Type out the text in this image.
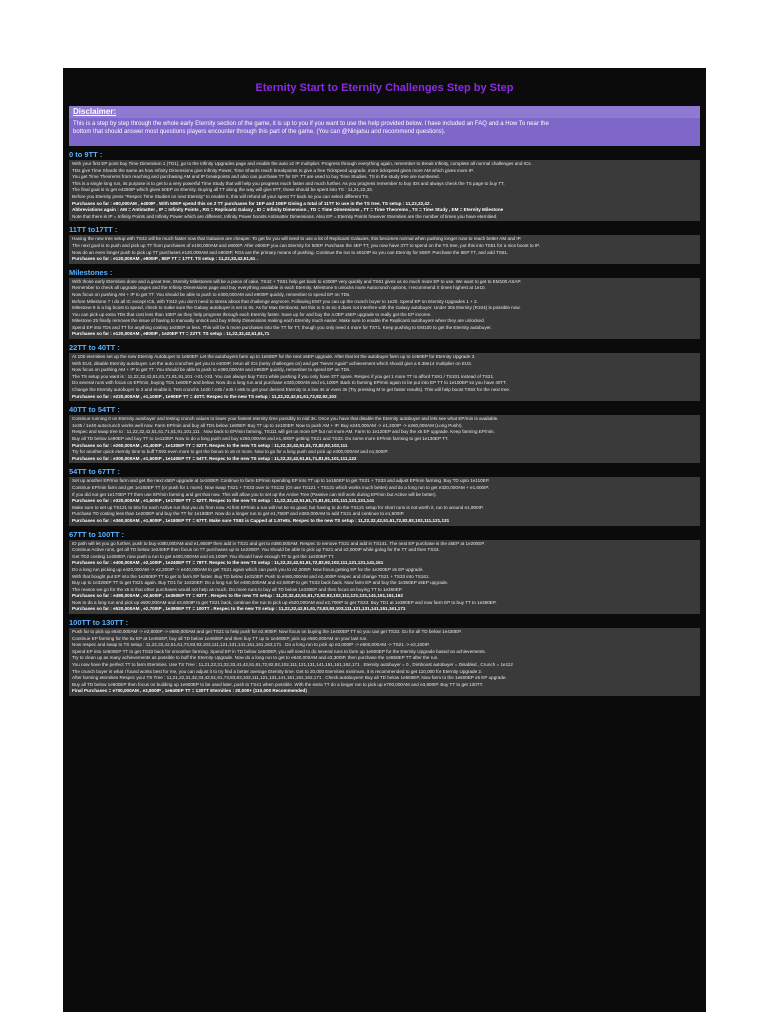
Eternity Start to Eternity Challenges Step by Step
Disclaimer:
This is a step by step through the whole early Eternity section of the game, it is up to you if you want to use the help provided below. I have included an FAQ and a How To near the
bottom that should answer most questions players encounter through this part of the game. (You can @Ninjatsu and recommend questions).
0 to 9TT :
With your first EP point buy Time Dimension 1 (TD1), go to the Infinity Upgrades page and enable the auto x2 IP multiplier. Progress through everything again, remember to Break Infinity, complete all normal challenges and ICs.
TDs give Time Shards the same as how Infinity Dimensions give Infinity Power, Time Shards reach breakpoints to give a free Tickspeed upgrade, more tickspeed gives more AM which gives more IP.
You get Time Theorems from reaching and purchasing AM and IP breakpoints and also can purchase TT for EP. TT are used to buy Time Studies. TS in the study tree are numbered.
This is a single long run, its purpose is to get to a very powerful Time Study that will help you progress much faster and much further. As you progress remember to buy IDs and always check the TS page to buy TT.
The final goal is to get e4250IP which gives 50EP on Eternity. Buying all TT along the way will give 9TT, these should be spent into TS : 11,21,22,33.
Before you Eternity press "Respec Time Studies on next Eternity" to enable it, this will refund all your spent TT back so you can select different TS.
Purchases so far : e80,000AM , e400IP . With 50EP spend this on 2 TT purchases for 1EP and 10EP Giving a total of 11TT to use in the TS tree. TS setup : 11,22,32,42 .
Abbreviations again : AM = Antimatter , IP = Infinity Points , RG = Replicanti Galaxy , ID = Infinity Dimension , TD = Time Dimensions , TT = Time Theorems , TS = Time Study , EM = Eternity Milestone
Note that there is IP = Infinity Points and Infinity Power which are different, Infinity Power boosts Antimatter Dimensions. Also EP = Eternity Points however Eternities are the number of times you have eternitied.
11TT to17TT :
Having the new tree setup with TS42 will be much faster now that Galaxies are cheaper. To get far you will need to use a lot of Replicanti Galaxies, this becomes normal when pushing longer runs to reach better AM and IP.
The next goal is to push and pick up TT from purchases of e100,000AM and e800IP. After e500IP you can Eternity for 50EP. Purchase the 4EP TT, you now have 3TT to spend on the TS tree, put this into TS51 for a nice boost to IP.
Now do an even longer push to pick up TT purchases e120,000AM and e800IP, RGs are the primary means of pushing. Continue the run to e810IP so you can Eternity for 50EP. Purchase the 8EP TT, and add TS61.
Purchases so far : e120,000AM , e800IP , 8EP TT = 17TT. TS setup : 11,22,32,42,51,61 .
Milestones :
With those early Eternities done and a great tree, Eternity Milestones will be a piece of cake. TS42 + TS51 help get back to e300IP very quickly and TS61 gives us so much more EP to use. We want to get to EM100 ASAP.
Remember to check all upgrade pages and the Infinity Dimensions page and buy everything available in each Eternity. Milestone 5 unlocks more Autocrunch options, I recommend X times highest at 1e10.
Now focus on pushing AM + IP to get TT. You should be able to push to e300,000AM and e900IP quickly, remember to spend EP on TDs.
Before Milestone 7 I do all IC except IC5, with TS42 you don't need to stress about that challenge anymore. Following EM7 you can up the crunch buyer to 1e20. Spend EP on Eternity Upgrades 1 + 2.
Milestone 9 is a big boost to speed, check to make sure the Galaxy autobuyer is set to 0s. As for Max Dimboost, set this to 0.4s so it does not interfere with the Galaxy autobuyer. Under 30s Eternity (R104) is possible now.
You can pick up extra TDs that cost less than 10EP as they help progress through each Eternity faster. Save up for and buy the 4.0EP x5EP upgrade to really get the EP income.
Milestone 25 finally removes the issue of having to manually unlock and buy Infinity Dimensions making each Eternity much easier. Make sure to enable the Replicanti autobuyers when they are unlocked.
Spend EP into TDs and TT for anything costing 1e20EP or less. This will be 5 more purchases into the TT for TT, though you only need 4 more for TS71. Keep pushing to EM100 to get the Eternity autobuyer.
Purchases so far : e120,000AM , e800IP , 1e20EP TT = 22TT. TS setup : 11,22,32,42,51,61,71
22TT to 40TT :
At 100 eternities set up the new Eternity Autobuyer to 1e50EP. Let the autobuyers farm up to 1e50EP for the next x5EP upgrade. After that let the autobuyer farm up to 1e50EP for Eternity Upgrade 3.
With EU3, disable Eternity autobuyer. Let the auto crunches get you to e400IP, rerun all ICs (netry challenges on) and get "Never Again" achievement which should give a 6.38e14 multiplier on EU3.
Now focus on pushing AM + IP to get TT. You should be able to push to e360,000AM and e950IP quickly, remember to spend EP on TDs.
The TS setup you want is : 11,22,32,42,51,61,71,81,91,101 ->21->33. You can always buy TS21 while pushing if you only have 3TT spare. Respec if you get 1 more TT to afford TS91 / TS101 instead of TS21.
Do several runs with focus on EP/min, buying TDs 1e60EP and below. Now do a long run and purchase e330,000AM and e1,100IP. Back to farming EP/min again to be put into EP TT to 1e100EP so you have 40TT.
Change the Eternity autobuyer to 2 and enable it. Test crunchs 1e20 / e35 / e45 / e55 to get your desired Eternity to a low 4s or even 3s (Try pressing M to get faster results). This will help boost TS92 for the next tree.
Purchases so far : e220,000AM , e1,100IP , 1e90EP TT = 40TT. Respec to the new TS setup : 11,22,32,42,51,61,72,82,92,102
40TT to 54TT :
Continue running 0 on Eternity autobuyer and testing crunch values to lower your fastest eternity time possibly to mid 3s. Once you have that disable the Eternity autobuyer and lets see what EP/min is available.
1e35 / 1e40 autocrunch works well now. Farm EP/min and buy all TDs below 1e80EP. Buy TT up to 1e100EP. Now to push AM + IP. Buy e240,000AM -> e1,200IP -> e260,000AM (Long Push!).
Respec and swap tree to : 11,22,32,42,51,61,71,81,91,101,111 . Now back to EP/min farming, TS111 will get us more EP but not more AM. Farm to 1e120EP and buy the x5 EP upgrade. Keep farming EP/min.
Buy all TD below 1e90EP and buy TT to 1e110EP. Now to do a long push and buy e260,000AM and e1,400IP getting TS21 and TS33. Do some more EP/min farming to get 1e130EP TT.
Purchases so far : e260,000AM , e1,400IP , 1e130EP TT = 52TT. Respec to the new TS setup : 11,22,32,42,51,61,72,82,92,102,111
Try for another quick eternity time to buff TS92 even more to get the bonus to x6 or more. Now to go for a long push and pick up e300,000AM and e1,500IP.
Purchases so far : e300,000AM , e1,500IP , 1e140EP TT = 54TT. Respec to the new TS setup : 11,22,32,42,51,61,71,81,91,101,111,122
54TT to 67TT :
Set up another EP/min farm and get the next x5EP upgrade at 1e160EP. Continue to farm EP/min spending EP into TT up to 1e150EP to get TS21 + TS33 and adjust EP/min farming. Buy TD upto 1e110EP.
Continue EP/min farm and get 1e160EP TT (or push for 1 more). Now swap TS21 + TS33 over to TS132 (Or use TS121 + TS131 which works much better) and do a long run to get e320,000AM + e1,600IP.
If you did not get 1e170EP TT then use EP/min farming and get that now. This will allow you to set up the Active Tree (Passive can still work during EP/min but Active will be better).
Purchases so far : e320,000AM , e1,600IP , 1e170EP TT = 62TT. Respec to the new TS setup : 11,22,32,42,51,61,71,81,91,101,111,121,131,141
Make sure to set up TS121 to 50x for each Active run that you do from now. At first EP/min a run will not be so good, but having to do the TS121 setup for short runs is not worth it, run to around e1,900IP.
Purchase TD costing less than 1e200EP and buy the TT for 1e180EP. Now do a longer run to get e1,750IP and e360,000AM to add TS21 and continue to e1,900IP.
Purchases so far : e360,000AM , e1,900IP , 1e180EP TT = 67TT. Make sure TS92 is Capped at 1.07e8x. Respec to the new TS setup : 11,22,32,42,51,61,72,82,92,102,111,121,131
67TT to 100TT :
ID path will let you go further, push to buy e380,000AM and e1,900IP then add in TS21 and get to e380,000AM. Respec to remove TS21 and add in TS141. The next EP purchase is the x5EP at 1e200EP.
Continue Active runs, get all TD below 1e240EP then focus on TT purchases up to 1e230EP. You should be able to pick up TS21 and e2,000IP while going for the TT and then TS33.
Get TD2 costing 1e280EP, now push a run to get e400,000AM and e2,100IP. You should have enough TT to get the 1e200EP TT.
Purchases so far : e400,000AM , e2,100IP , 1e240EP TT = 78TT. Respec to the new TS setup : 11,22,32,42,51,61,72,82,92,102,111,121,131,141,151
Do a long run picking up e420,000AM -> e2,200IP -> e440,000AM to get TS21 again which can push you to e2,300IP. Now focus getting EP for the 1e300EP x5 EP upgrade.
With that bought put EP into the 1e280EP TT to get to farm EP faster. Buy TD below 1e310EP. Push to e460,000AM and e2,400IP respec and change TS21 + TS33 into TS161.
Buy up to 1e320EP TT to get TS21 again. Buy TD1 for 1e320EP. Do a long run for e480,000AM and e2,500IP to get TS33 back back. Now farm EP and buy the 1e350EP x5EP upgrade.
The reason we go for the x5 is that other purchases would not help as much. Do more runs to buy all TD below 1e330EP and then focus on buying TT to 1e350EP.
Purchases so far : e480,000AM , e2,500IP , 1e350EP TT = 93TT . Respec to the new TS setup : 11,22,32,42,51,61,72,82,92,102,111,121,131,141,151,161,162
Now to do a long run and pick up e500,000AM and e2,600IP to get TS21 back, continue the run to pick up e520,000AM and e2,700IP to get TS33. Buy TD1 at 1e380EP and now farm EP to buy TT to 1e390EP.
Purchases so far : e520,000AM , e2,700IP , 1e390EP TT = 100TT . Respec to the new TS setup : 11,22,32,42,51,61,73,83,93,103,111,121,131,141,151,161,171
100TT to 130TT :
Push far to pick up e540,000AM -> e2,800IP -> e560,000AM and get TS21 to help push for e2,900IP. Now focus on buying the 1e400EP TT so you can get TS33. Go for all TD below 1e430EP.
Continue EP farming for the 5x EP at 1e450EP, buy all TD below 1e460EP and then buy TT up to 1e480EP, pick up e580,000AM on your last run.
Now respec and swap to TS setup : 11,22,32,42,51,61,73,83,93,103,111,121,131,141,151,161,162,171 . Do a long run to pick up e3,000IP -> e600,000AM -> TS21 -> e3,100IP.
Spend EP into 1e500EP TT to get TS33 back for smoother farming. Spend EP in TD below 1e500EP, you will need to do several runs to farm up 1e500EP for the Eternity Upgrade based on achievements.
Try to clean up as many achievements as possible to buff the Eternity Upgrade. Now do a long run to get to e640,000AM and e3,300IP, then purchase the 1e550EP TT after the run.
You now have the perfect TT to farm Eternities. Use TS Tree : 11,21,22,31,32,33,41,42,51,61,72,82,92,102,111,121,131,141,151,161,162,171 . Eternity autobuyer = 0 , Dimboost autobuyer = Disabled , Crunch = 1e112
The crunch buyer is what I found works best for me, you can adjust it to try find a better average Eternity time. Get to 20,000 Eternities minimum, it is recommended to get 110,000 for Eternity Upgrade 2.
After farming eternities Respec your TS Tree : 11,21,22,31,32,33,42,51,61,73,83,93,103,111,121,131,141,151,161,162,171 . Check autobuyers! Buy all TD below 1e550EP, Now farm to the 1e600EP x5 EP upgrade.
Buy all TD below 1e600EP then focus on building up 1e600EP to be used later, push to TS41 when possible. With the extra TT do a longer run to pick up e700,000AM and e3,800IP. Buy TT to get 130TT.
Final Purchases = e700,000AM , e3,800IP , 1e640EP TT = 130TT Eternities : 20,000+ (110,000 Recommended)
